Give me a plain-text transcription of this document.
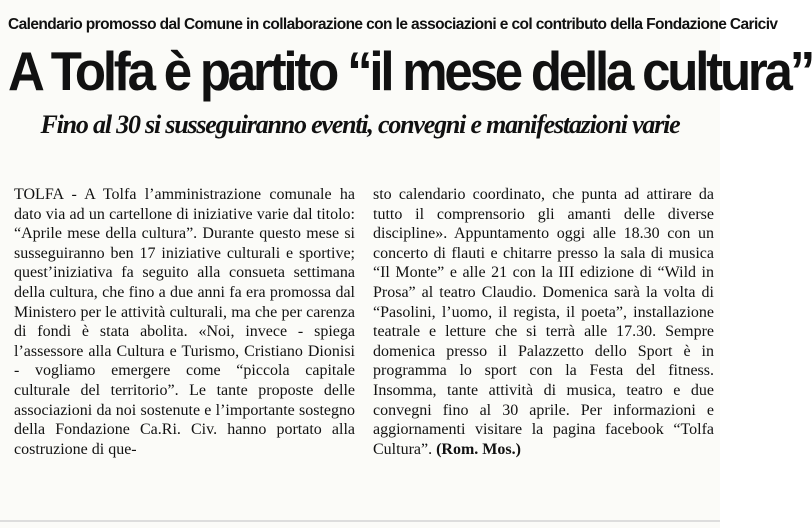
Calendario promosso dal Comune in collaborazione con le associazioni e col contributo della Fondazione Cariciv
A Tolfa è partito “il mese della cultura”
Fino al 30 si susseguiranno eventi, convegni e manifestazioni varie

TOLFA - A Tolfa l’amministrazione comunale ha dato via ad un cartellone di iniziative varie dal titolo: “Aprile mese della cultura”. Durante questo mese si susseguiranno ben 17 iniziative culturali e sportive; quest’iniziativa fa seguito alla consueta settimana della cultura, che fino a due anni fa era promossa dal Ministero per le attività culturali, ma che per carenza di fondi è stata abolita. «Noi, invece - spiega l’assessore alla Cultura e Turismo, Cristiano Dionisi - vogliamo emergere come “piccola capitale culturale del territorio”. Le tante proposte delle associazioni da noi sostenute e l’importante sostegno della Fondazione Ca.Ri. Civ. hanno portato alla costruzione di que-

sto calendario coordinato, che punta ad attirare da tutto il comprensorio gli amanti delle diverse discipline». Appuntamento oggi alle 18.30 con un concerto di flauti e chitarre presso la sala di musica “Il Monte” e alle 21 con la III edizione di “Wild in Prosa” al teatro Claudio. Domenica sarà la volta di “Pasolini, l’uomo, il regista, il poeta”, installazione teatrale e letture che si terrà alle 17.30. Sempre domenica presso il Palazzetto dello Sport è in programma lo sport con la Festa del fitness. Insomma, tante attività di musica, teatro e due convegni fino al 30 aprile. Per informazioni e aggiornamenti visitare la pagina facebook “Tolfa Cultura”. (Rom. Mos.)
